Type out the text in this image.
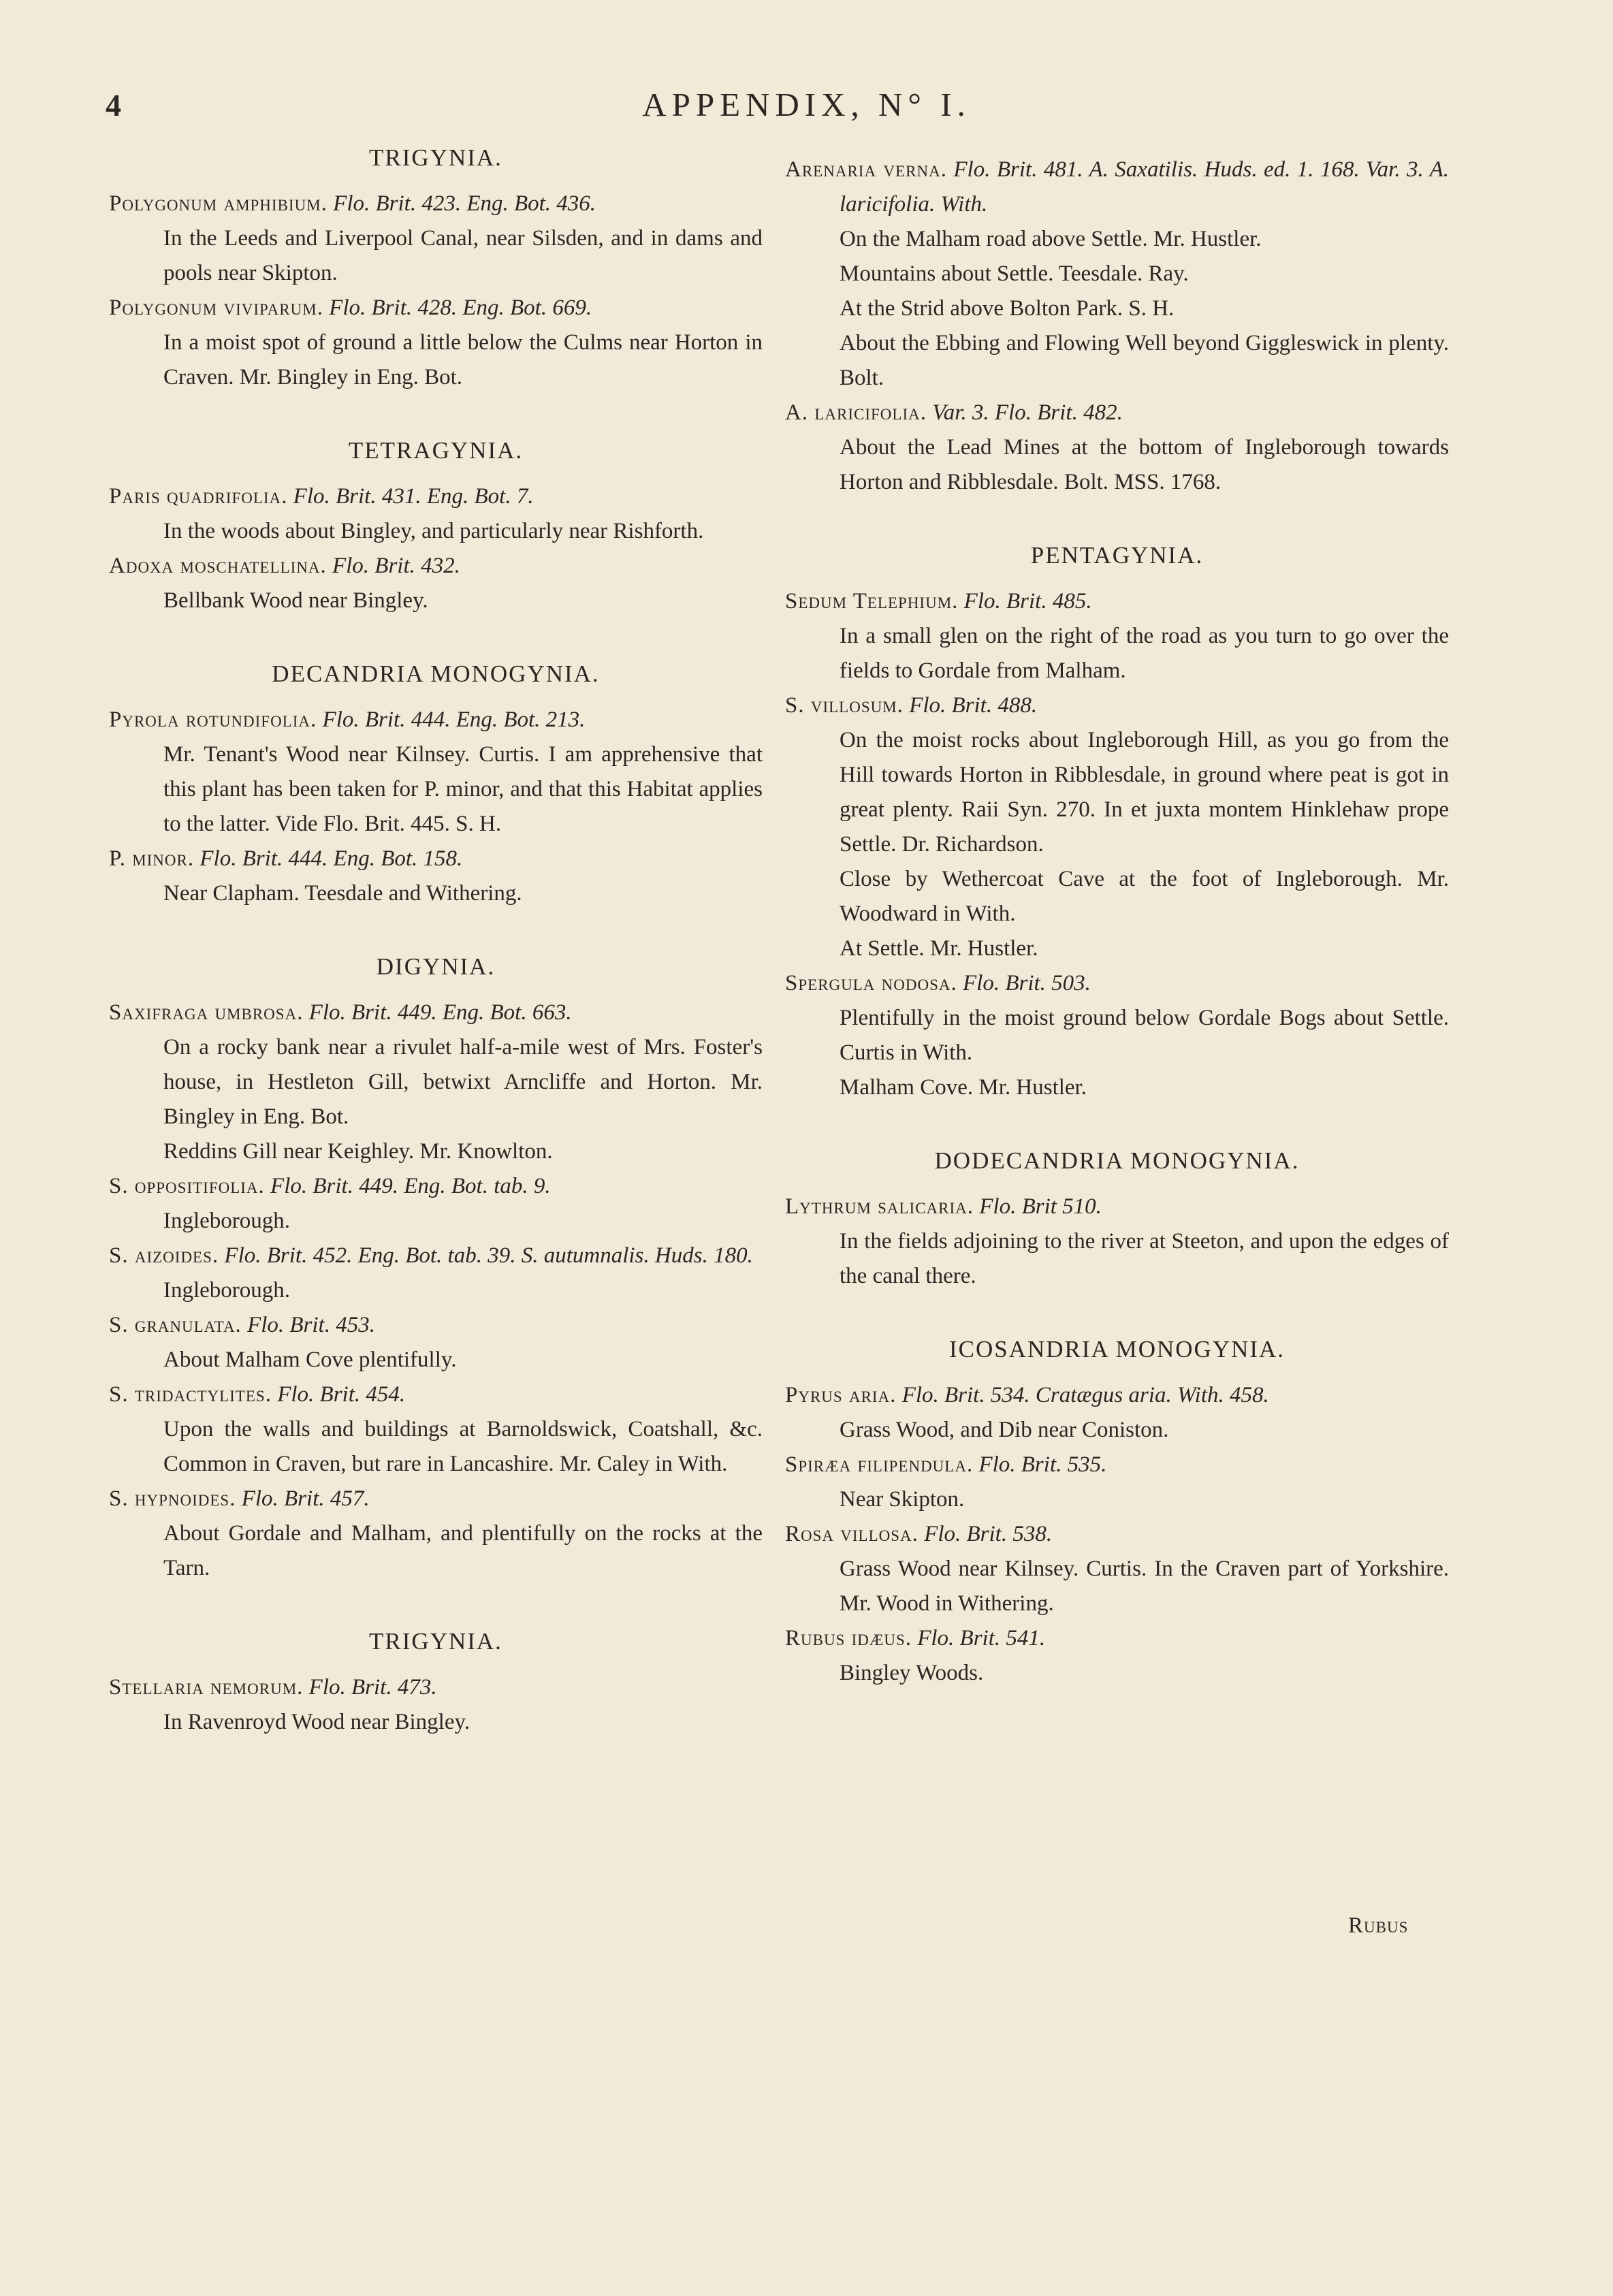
4	APPENDIX, N° I.
TRIGYNIA.

Polygonum amphibium. Flo. Brit. 423. Eng. Bot. 436.

In the Leeds and Liverpool Canal, near Silsden, and in dams and pools near Skipton.

Polygonum viviparum. Flo. Brit. 428. Eng. Bot. 669.

In a moist spot of ground a little below the Culms near Horton in Craven. Mr. Bingley in Eng. Bot.

TETRAGYNIA.

Paris quadrifolia. Flo. Brit. 431. Eng. Bot. 7.

In the woods about Bingley, and particularly near Rishforth.

Adoxa moschatellina. Flo. Brit. 432.

Bellbank Wood near Bingley.

DECANDRIA MONOGYNIA.

Pyrola rotundifolia. Flo. Brit. 444. Eng. Bot. 213.

Mr. Tenant's Wood near Kilnsey. Curtis. I am apprehensive that this plant has been taken for P. minor, and that this Habitat applies to the latter. Vide Flo. Brit. 445. S. H.

P. minor. Flo. Brit. 444. Eng. Bot. 158.

Near Clapham. Teesdale and Withering.

DIGYNIA.

Saxifraga umbrosa. Flo. Brit. 449. Eng. Bot. 663.

On a rocky bank near a rivulet half-a-mile west of Mrs. Foster's house, in Hestleton Gill, betwixt Arncliffe and Horton. Mr. Bingley in Eng. Bot.

Reddins Gill near Keighley. Mr. Knowlton.

S. oppositifolia. Flo. Brit. 449. Eng. Bot. tab. 9.

Ingleborough.

S. aizoides. Flo. Brit. 452. Eng. Bot. tab. 39. S. autumnalis. Huds. 180.

Ingleborough.

S. granulata. Flo. Brit. 453.

About Malham Cove plentifully.

S. tridactylites. Flo. Brit. 454.

Upon the walls and buildings at Barnoldswick, Coatshall, &c. Common in Craven, but rare in Lancashire. Mr. Caley in With.

S. hypnoides. Flo. Brit. 457.

About Gordale and Malham, and plentifully on the rocks at the Tarn.

TRIGYNIA.

Stellaria nemorum. Flo. Brit. 473.

In Ravenroyd Wood near Bingley.

Arenaria verna. Flo. Brit. 481. A. Saxatilis. Huds. ed. 1. 168. Var. 3. A. laricifolia. With.

On the Malham road above Settle. Mr. Hustler.

Mountains about Settle. Teesdale. Ray.

At the Strid above Bolton Park. S. H.

About the Ebbing and Flowing Well beyond Giggleswick in plenty. Bolt.

A. laricifolia. Var. 3. Flo. Brit. 482.

About the Lead Mines at the bottom of Ingleborough towards Horton and Ribblesdale. Bolt. MSS. 1768.

PENTAGYNIA.

Sedum Telephium. Flo. Brit. 485.

In a small glen on the right of the road as you turn to go over the fields to Gordale from Malham.

S. villosum. Flo. Brit. 488.

On the moist rocks about Ingleborough Hill, as you go from the Hill towards Horton in Ribblesdale, in ground where peat is got in great plenty. Raii Syn. 270. In et juxta montem Hinklehaw prope Settle. Dr. Richardson.

Close by Wethercoat Cave at the foot of Ingleborough. Mr. Woodward in With.

At Settle. Mr. Hustler.

Spergula nodosa. Flo. Brit. 503.

Plentifully in the moist ground below Gordale Bogs about Settle. Curtis in With.

Malham Cove. Mr. Hustler.

DODECANDRIA MONOGYNIA.

Lythrum salicaria. Flo. Brit 510.

In the fields adjoining to the river at Steeton, and upon the edges of the canal there.

ICOSANDRIA MONOGYNIA.

Pyrus aria. Flo. Brit. 534. Cratægus aria. With. 458.

Grass Wood, and Dib near Coniston.

Spiræa filipendula. Flo. Brit. 535.

Near Skipton.

Rosa villosa. Flo. Brit. 538.

Grass Wood near Kilnsey. Curtis. In the Craven part of Yorkshire. Mr. Wood in Withering.

Rubus idæus. Flo. Brit. 541.

Bingley Woods.

Rubus
